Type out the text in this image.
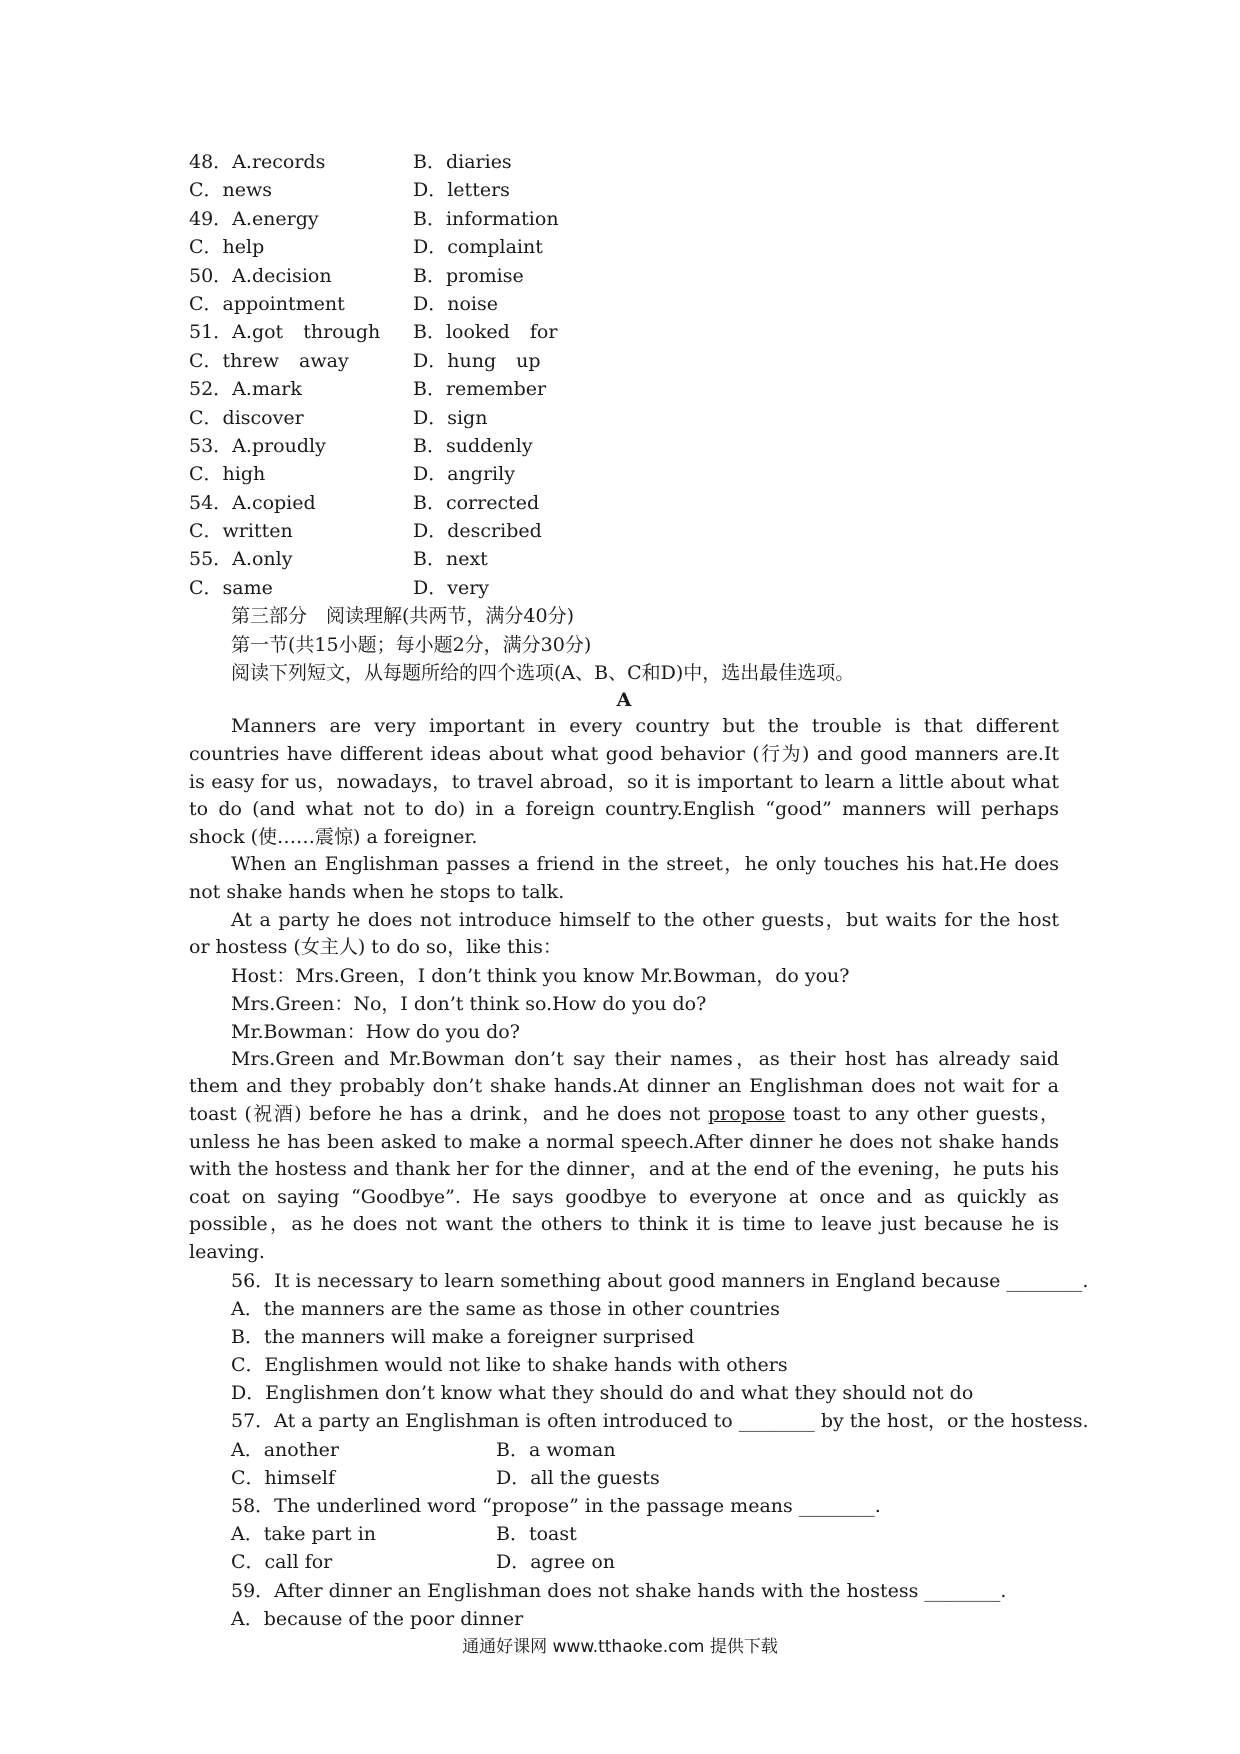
48．A.records	B．diaries
C．news	D．letters
49．A.energy	B．information
C．help	D．complaint
50．A.decision	B．promise
C．appointment	D．noise
51．A.got through B．looked for
C．threw away	D．hung up
52．A.mark	B．remember
C．discover	D．sign
53．A.proudly	B．suddenly
C．high	D．angrily
54．A.copied	B．corrected
C．written	D．described
55．A.only	B．next
C．same	D．very
第三部分　阅读理解(共两节，满分40分)
第一节(共15小题；每小题2分，满分30分)
阅读下列短文，从每题所给的四个选项(A、B、C和D)中，选出最佳选项。
A

Manners are very important in every country but the trouble is that different countries have different ideas about what good behavior (行为) and good manners are.It is easy for us，nowadays，to travel abroad，so it is important to learn a little about what to do (and what not to do) in a foreign country.English “good” manners will perhaps shock (使……震惊) a foreigner.

When an Englishman passes a friend in the street，he only touches his hat.He does not shake hands when he stops to talk.

At a party he does not introduce himself to the other guests，but waits for the host or hostess (女主人) to do so，like this：

Host：Mrs.Green，I don’t think you know Mr.Bowman，do you?
Mrs.Green：No，I don’t think so.How do you do?
Mr.Bowman：How do you do?

Mrs.Green and Mr.Bowman don’t say their names，as their host has already said them and they probably don’t shake hands.At dinner an Englishman does not wait for a toast (祝酒) before he has a drink，and he does not propose toast to any other guests，unless he has been asked to make a normal speech.After dinner he does not shake hands with the hostess and thank her for the dinner，and at the end of the evening，he puts his coat on saying “Goodbye”. He says goodbye to everyone at once and as quickly as possible，as he does not want the others to think it is time to leave just because he is leaving.

56．It is necessary to learn something about good manners in England because ________.
A．the manners are the same as those in other countries
B．the manners will make a foreigner surprised
C．Englishmen would not like to shake hands with others
D．Englishmen don’t know what they should do and what they should not do
57．At a party an Englishman is often introduced to ________ by the host，or the hostess.
A．another	B．a woman
C．himself	D．all the guests
58．The underlined word “propose” in the passage means ________.
A．take part in	B．toast
C．call for	D．agree on
59．After dinner an Englishman does not shake hands with the hostess ________.
A．because of the poor dinner
通通好课网 www.tthaoke.com 提供下载
